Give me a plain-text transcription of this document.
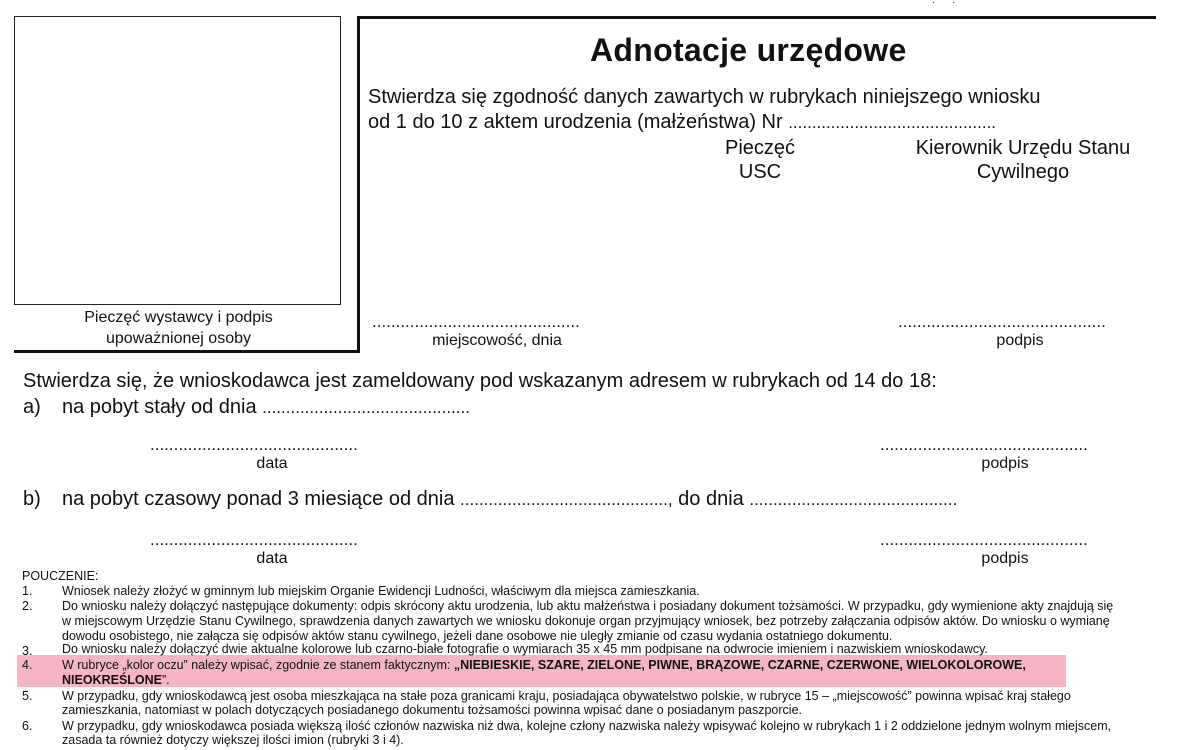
Pieczęć wystawcy i podpis
upoważnionej osoby
·      ·
Adnotacje urzędowe
Stwierdza się zgodność danych zawartych w rubrykach niniejszego wniosku
od 1 do 10 z aktem urodzenia (małżeństwa) Nr ............................................
Pieczęć
USC
Kierownik Urzędu Stanu
Cywilnego
............................................
miejscowość, dnia
............................................
podpis
Stwierdza się, że wnioskodawca jest zameldowany pod wskazanym adresem w rubrykach od 14 do 18:
a) na pobyt stały od dnia ............................................
............................................
data
............................................
podpis
b) na pobyt czasowy ponad 3 miesiące od dnia ............................................, do dnia ............................................
............................................
data
............................................
podpis
POUCZENIE:
1. Wniosek należy złożyć w gminnym lub miejskim Organie Ewidencji Ludności, właściwym dla miejsca zamieszkania.
2. Do wniosku należy dołączyć następujące dokumenty: odpis skrócony aktu urodzenia, lub aktu małżeństwa i posiadany dokument tożsamości. W przypadku, gdy wymienione akty znajdują się
w miejscowym Urzędzie Stanu Cywilnego, sprawdzenia danych zawartych we wniosku dokonuje organ przyjmujący wniosek, bez potrzeby załączania odpisów aktów. Do wniosku o wymianę
dowodu osobistego, nie załącza się odpisów aktów stanu cywilnego, jeżeli dane osobowe nie uległy zmianie od czasu wydania ostatniego dokumentu.
3. Do wniosku należy dołączyć dwie aktualne kolorowe lub czarno-białe fotografie o wymiarach 35 x 45 mm podpisane na odwrocie imieniem i nazwiskiem wnioskodawcy.
4. W rubryce „kolor oczu” należy wpisać, zgodnie ze stanem faktycznym: „NIEBIESKIE, SZARE, ZIELONE, PIWNE, BRĄZOWE, CZARNE, CZERWONE, WIELOKOLOROWE,
NIEOKREŚLONE”.
5. W przypadku, gdy wnioskodawcą jest osoba mieszkająca na stałe poza granicami kraju, posiadająca obywatelstwo polskie, w rubryce 15 – „miejscowość” powinna wpisać kraj stałego
zamieszkania, natomiast w polach dotyczących posiadanego dokumentu tożsamości powinna wpisać dane o posiadanym paszporcie.
6. W przypadku, gdy wnioskodawca posiada większą ilość członów nazwiska niż dwa, kolejne człony nazwiska należy wpisywać kolejno w rubrykach 1 i 2 oddzielone jednym wolnym miejscem,
zasada ta również dotyczy większej ilości imion (rubryki 3 i 4).
